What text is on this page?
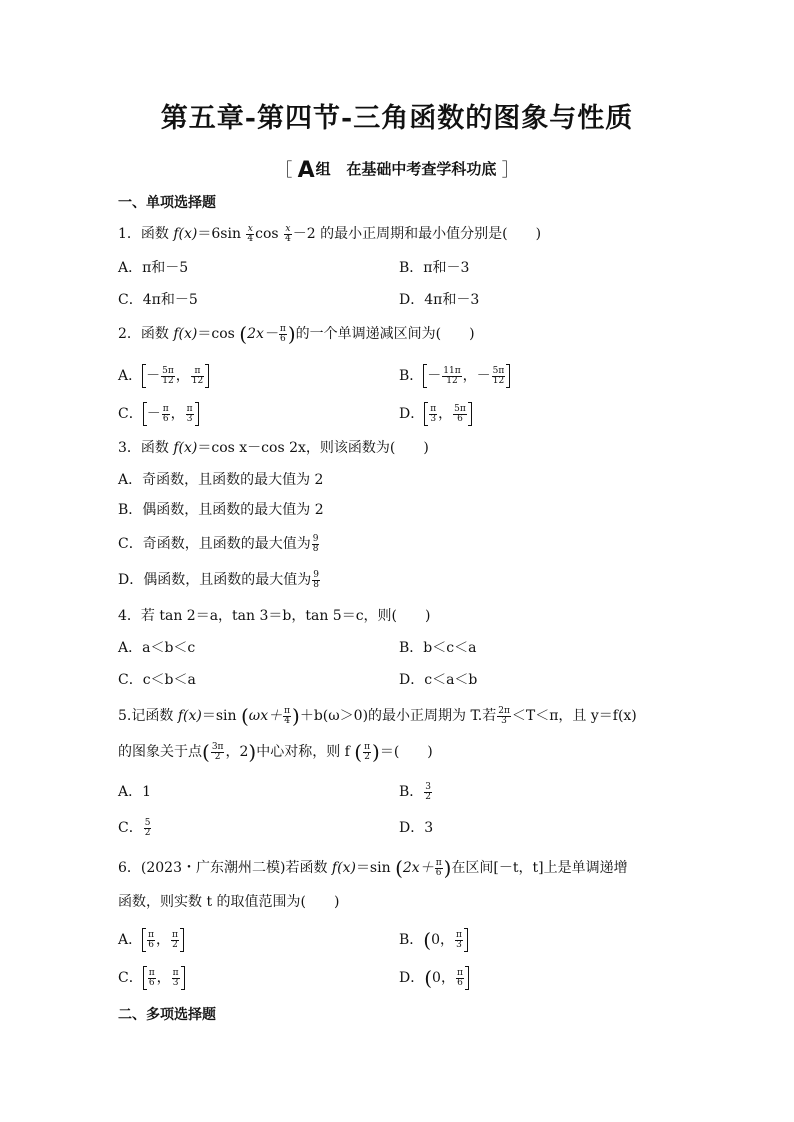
第五章-第四节-三角函数的图象与性质
［ A 组 在基础中考查学科功底 ］
一、单项选择题
1．函数 $f(x)=6\sin \frac{x}{4}$ $\cos \frac{x}{4} -2$ 的最小正周期和最小值分别是(　　)
A．π和－5	B．π和－3
C．4π和－5	D．4π和－3
2．函数 f(x)＝cos ($2x- \frac{\pi}{6}$ )的一个单调递减区间为(　　)
A． － $\frac{5\pi}{12}$ ， $\frac{\pi}{12}$	B． － $\frac{11\pi}{12}$ ，－ $\frac{5\pi}{12}$
C． － $\frac{\pi}{6}$ ， $\frac{\pi}{3}$	D． $\frac{\pi}{3}$ ， $\frac{5\pi}{6}$
3．函数 f(x)＝cos x－cos 2x，则该函数为(　　)
A．奇函数，且函数的最大值为 2
B．偶函数，且函数的最大值为 2
C．奇函数，且函数的最大值为 $\frac{9}{8}$
D．偶函数，且函数的最大值为 $\frac{9}{8}$
4．若 tan 2＝a，tan 3＝b，tan 5＝c，则(　　)
A．a＜b＜c	B．b＜c＜a
C．c＜b＜a	D．c＜a＜b
5.记函数 f(x)＝sin $(\omega x+ \frac{\pi}{4} )+b(\omega>0)$的最小正周期为 T.若 $\frac{2\pi}{3} <T<\pi$，且 y＝f(x)
的图象关于点( $\frac{3\pi}{2}$ ，2)中心对称，则 f ( $\frac{\pi}{2}$ )＝(　　)
A．1	B． $\frac{3}{2}$
C． $\frac{5}{2}$	D．3
6．(2023・广东潮州二模)若函数 f(x)＝sin ($2x+ \frac{\pi}{6}$ )在区间[－t，t]上是单调递增
函数，则实数 t 的取值范围为(　　)
A． $\frac{\pi}{6}$ ， $\frac{\pi}{2}$	B．(0， $\frac{\pi}{3}$
C． $\frac{\pi}{6}$ ， $\frac{\pi}{3}$	D．(0， $\frac{\pi}{6}$
二、多项选择题
